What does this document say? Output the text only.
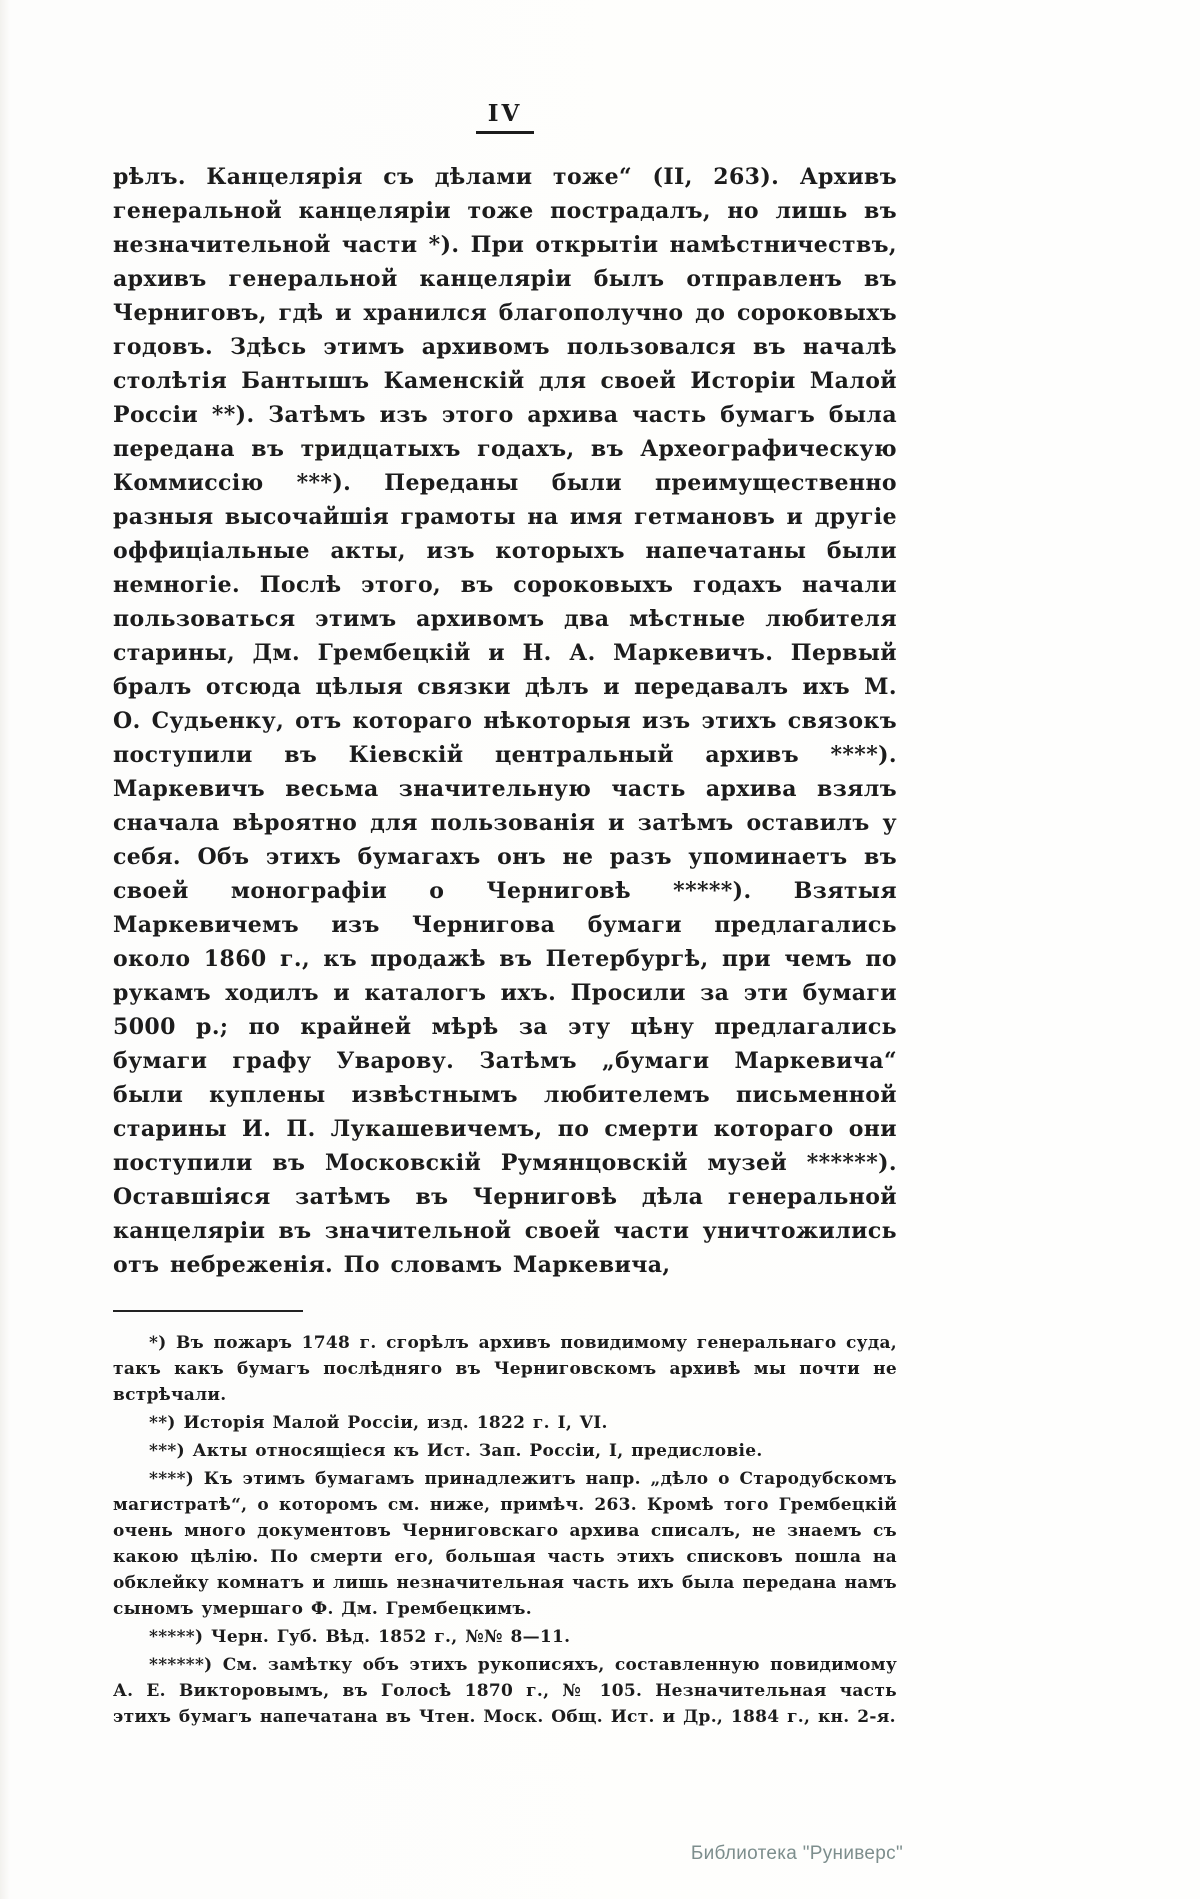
IV
рѣлъ. Канцелярія съ дѣлами тоже“ (II, 263). Архивъ генеральной канцеляріи тоже пострадалъ, но лишь въ незначительной части *). При открытіи намѣстничествъ, архивъ генеральной канцеляріи былъ отправленъ въ Черниговъ, гдѣ и хранился благополучно до сороковыхъ годовъ. Здѣсь этимъ архивомъ пользовался въ началѣ столѣтія Бантышъ Каменскій для своей Исторіи Малой Россіи **). Затѣмъ изъ этого архива часть бумагъ была передана въ тридцатыхъ годахъ, въ Археографическую Коммиссію ***). Переданы были преимущественно разныя высочайшія грамоты на имя гетмановъ и другіе оффиціальные акты, изъ которыхъ напечатаны были немногіе. Послѣ этого, въ сороковыхъ годахъ начали пользоваться этимъ архивомъ два мѣстные любителя старины, Дм. Грембецкій и Н. А. Маркевичъ. Первый бралъ отсюда цѣлыя связки дѣлъ и передавалъ ихъ М. О. Судьенку, отъ котораго нѣкоторыя изъ этихъ связокъ поступили въ Кіевскій центральный архивъ ****). Маркевичъ весьма значительную часть архива взялъ сначала вѣроятно для пользованія и затѣмъ оставилъ у себя. Объ этихъ бумагахъ онъ не разъ упоминаетъ въ своей монографіи о Черниговѣ *****). Взятыя Маркевичемъ изъ Чернигова бумаги предлагались около 1860 г., къ продажѣ въ Петербургѣ, при чемъ по рукамъ ходилъ и каталогъ ихъ. Просили за эти бумаги 5000 р.; по крайней мѣрѣ за эту цѣну предлагались бумаги графу Уварову. Затѣмъ „бумаги Маркевича“ были куплены извѣстнымъ любителемъ письменной старины И. П. Лукашевичемъ, по смерти котораго они поступили въ Московскій Румянцовскій музей ******). Оставшіяся затѣмъ въ Черниговѣ дѣла генеральной канцеляріи въ значительной своей части уничтожились отъ небреженія. По словамъ Маркевича,

*) Въ пожаръ 1748 г. сгорѣлъ архивъ повидимому генеральнаго суда, такъ какъ бумагъ послѣдняго въ Черниговскомъ архивѣ мы почти не встрѣчали.

**) Исторія Малой Россіи, изд. 1822 г. I, VI.

***) Акты относящіеся къ Ист. Зап. Россіи, I, предисловіе.

****) Къ этимъ бумагамъ принадлежитъ напр. „дѣло о Стародубскомъ магистратѣ“, о которомъ см. ниже, примѣч. 263. Кромѣ того Грембецкій очень много документовъ Черниговскаго архива списалъ, не знаемъ съ какою цѣлію. По смерти его, большая часть этихъ списковъ пошла на обклейку комнатъ и лишь незначительная часть ихъ была передана намъ сыномъ умершаго Ф. Дм. Грембецкимъ.

*****) Черн. Губ. Вѣд. 1852 г., №№ 8—11.

******) См. замѣтку объ этихъ рукописяхъ, составленную повидимому А. Е. Викторовымъ, въ Голосѣ 1870 г., № 105. Незначительная часть этихъ бумагъ напечатана въ Чтен. Моск. Общ. Ист. и Др., 1884 г., кн. 2-я.

Библиотека "Руниверс"
